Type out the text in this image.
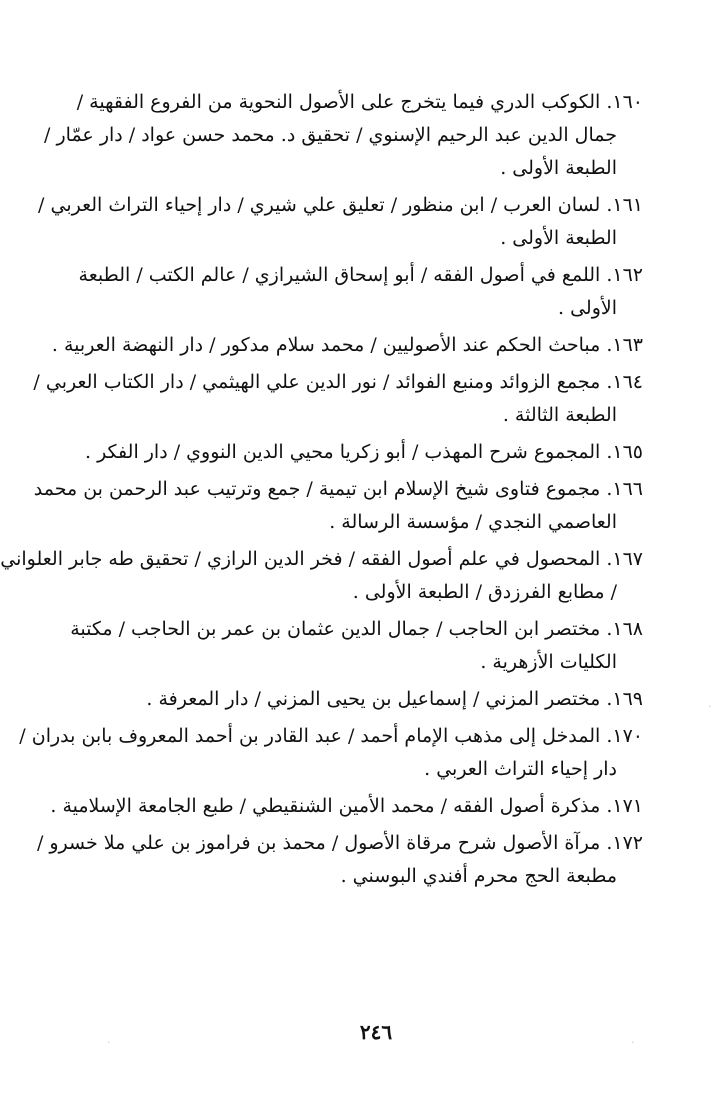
١٦٠. الكوكب الدري فيما يتخرج على الأصول النحوية من الفروع الفقهية /
جمال الدين عبد الرحيم الإسنوي / تحقيق د. محمد حسن عواد / دار عمّار /
الطبعة الأولى .
١٦١. لسان العرب / ابن منظور / تعليق علي شيري / دار إحياء التراث العربي /
الطبعة الأولى .
١٦٢. اللمع في أصول الفقه / أبو إسحاق الشيرازي / عالم الكتب / الطبعة
الأولى .
١٦٣. مباحث الحكم عند الأصوليين / محمد سلام مدكور / دار النهضة العربية .
١٦٤. مجمع الزوائد ومنبع الفوائد / نور الدين علي الهيثمي / دار الكتاب العربي /
الطبعة الثالثة .
١٦٥. المجموع شرح المهذب / أبو زكريا محيي الدين النووي / دار الفكر .
١٦٦. مجموع فتاوى شيخ الإسلام ابن تيمية / جمع وترتيب عبد الرحمن بن محمد
العاصمي النجدي / مؤسسة الرسالة .
١٦٧. المحصول في علم أصول الفقه / فخر الدين الرازي / تحقيق طه جابر العلواني
/ مطابع الفرزدق / الطبعة الأولى .
١٦٨. مختصر ابن الحاجب / جمال الدين عثمان بن عمر بن الحاجب / مكتبة
الكليات الأزهرية .
١٦٩. مختصر المزني / إسماعيل بن يحيى المزني / دار المعرفة .
١٧٠. المدخل إلى مذهب الإمام أحمد / عبد القادر بن أحمد المعروف بابن بدران /
دار إحياء التراث العربي .
١٧١. مذكرة أصول الفقه / محمد الأمين الشنقيطي / طبع الجامعة الإسلامية .
١٧٢. مرآة الأصول شرح مرقاة الأصول / محمذ بن فراموز بن علي ملا خسرو /
مطبعة الحج محرم أفندي البوسني .
٢٤٦
·
·	·
